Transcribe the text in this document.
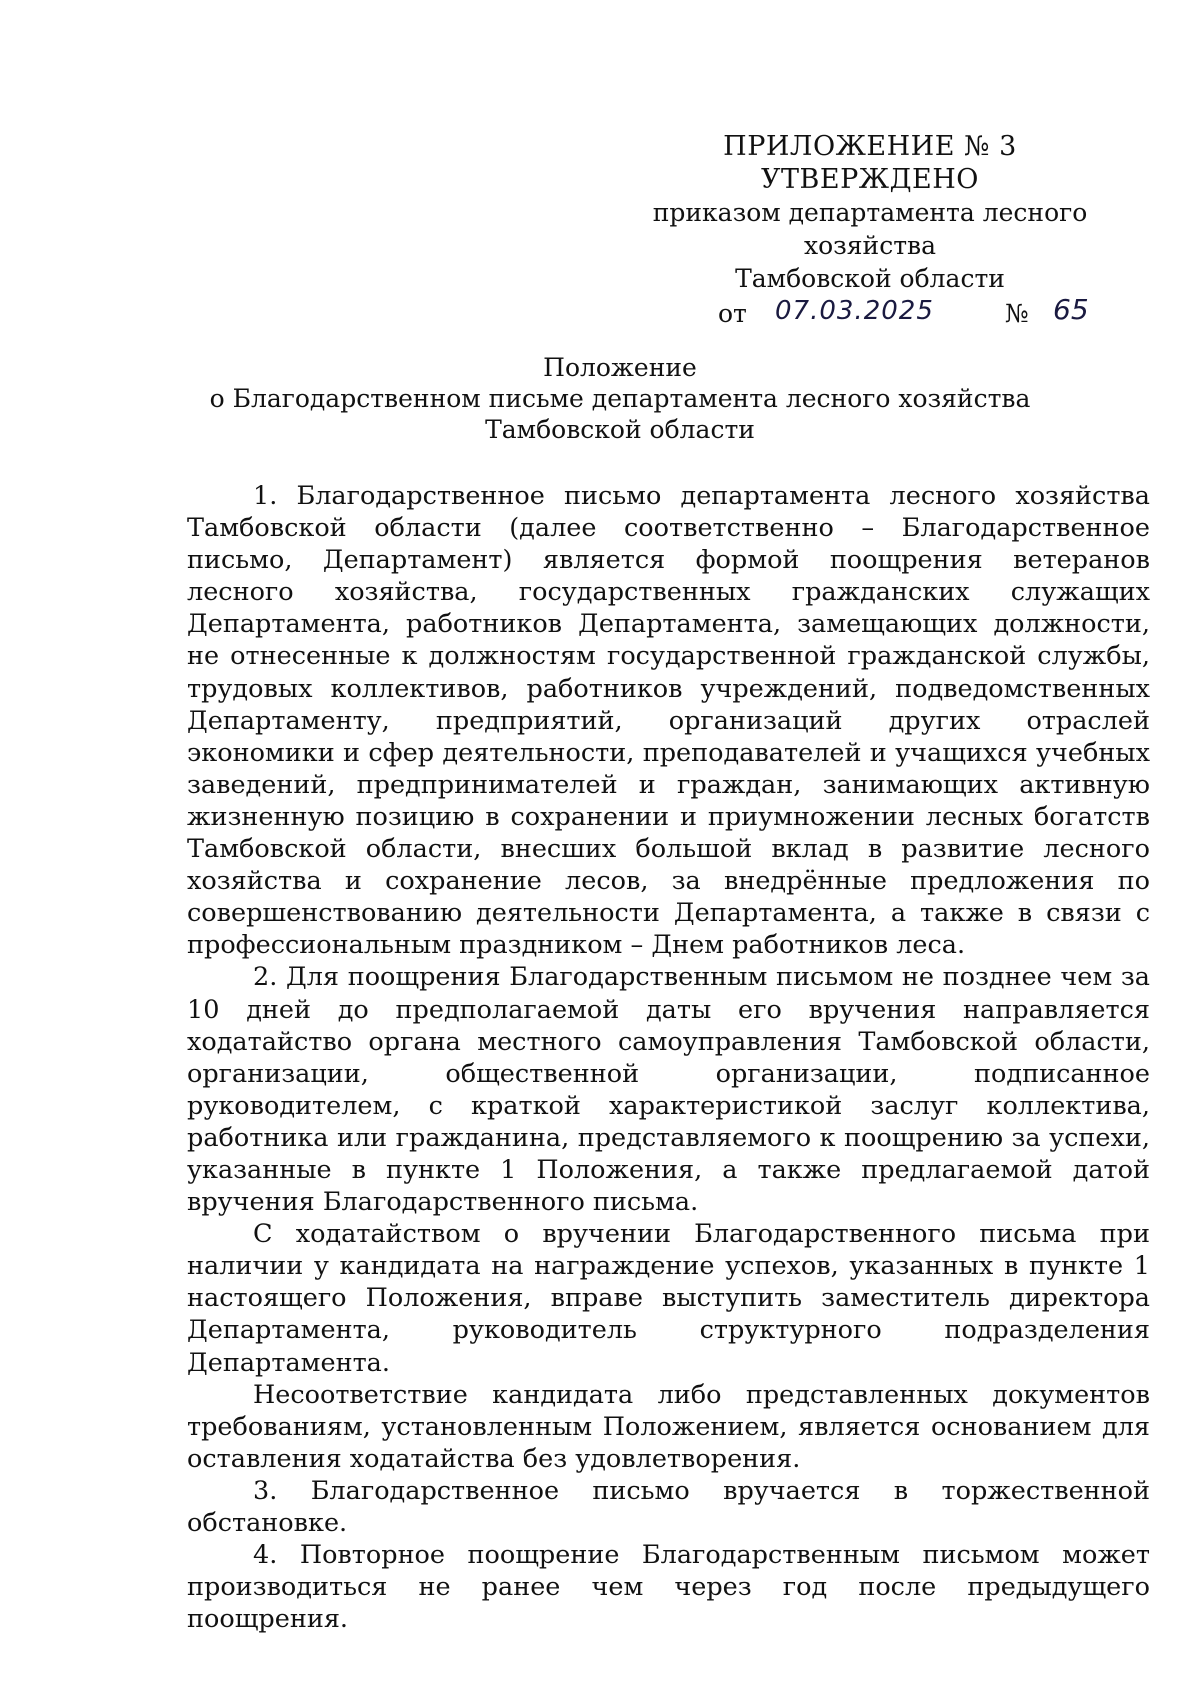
ПРИЛОЖЕНИЕ № 3
УТВЕРЖДЕНО
приказом департамента лесного хозяйства
Тамбовской области
от 07.03.2025	№ 65
Положение
о Благодарственном письме департамента лесного хозяйства
Тамбовской области

1. Благодарственное письмо департамента лесного хозяйства Тамбовской области (далее соответственно – Благодарственное письмо, Департамент) является формой поощрения ветеранов лесного хозяйства, государственных гражданских служащих Департамента, работников Департамента, замещающих должности, не отнесенные к должностям государственной гражданской службы, трудовых коллективов, работников учреждений, подведомственных Департаменту, предприятий, организаций других отраслей экономики и сфер деятельности, преподавателей и учащихся учебных заведений, предпринимателей и граждан, занимающих активную жизненную позицию в сохранении и приумножении лесных богатств Тамбовской области, внесших большой вклад в развитие лесного хозяйства и сохранение лесов, за внедрённые предложения по совершенствованию деятельности Департамента, а также в связи с профессиональным праздником – Днем работников леса.

2. Для поощрения Благодарственным письмом не позднее чем за 10 дней до предполагаемой даты его вручения направляется ходатайство органа местного самоуправления Тамбовской области, организации, общественной организации, подписанное руководителем, с краткой характеристикой заслуг коллектива, работника или гражданина, представляемого к поощрению за успехи, указанные в пункте 1 Положения, а также предлагаемой датой вручения Благодарственного письма.

С ходатайством о вручении Благодарственного письма при наличии у кандидата на награждение успехов, указанных в пункте 1 настоящего Положения, вправе выступить заместитель директора Департамента, руководитель структурного подразделения Департамента.

Несоответствие кандидата либо представленных документов требованиям, установленным Положением, является основанием для оставления ходатайства без удовлетворения.

3. Благодарственное письмо вручается в торжественной обстановке.

4. Повторное поощрение Благодарственным письмом может производиться не ранее чем через год после предыдущего поощрения.
